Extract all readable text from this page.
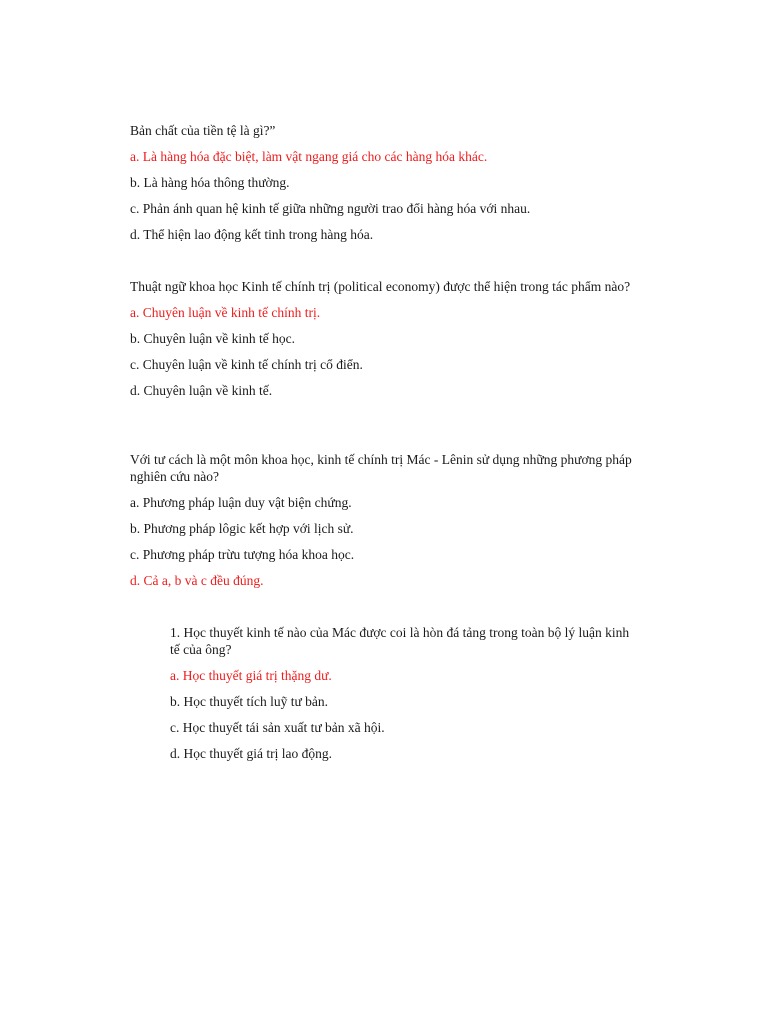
Bản chất của tiền tệ là gì?”

a. Là hàng hóa đặc biệt, làm vật ngang giá cho các hàng hóa khác.

b. Là hàng hóa thông thường.

c. Phản ánh quan hệ kinh tế giữa những người trao đổi hàng hóa với nhau.

d. Thể hiện lao động kết tinh trong hàng hóa.

Thuật ngữ khoa học Kinh tế chính trị (political economy) được thể hiện trong tác phẩm nào?

a. Chuyên luận về kinh tế chính trị.

b. Chuyên luận về kinh tế học.

c. Chuyên luận về kinh tế chính trị cổ điển.

d. Chuyên luận về kinh tế.

Với tư cách là một môn khoa học, kinh tế chính trị Mác - Lênin sử dụng những phương pháp nghiên cứu nào?

a. Phương pháp luận duy vật biện chứng.

b. Phương pháp lôgic kết hợp với lịch sử.

c. Phương pháp trừu tượng hóa khoa học.

d. Cả a, b và c đều đúng.

1. Học thuyết kinh tế nào của Mác được coi là hòn đá tảng trong toàn bộ lý luận kinh tế của ông?

a. Học thuyết giá trị thặng dư.

b. Học thuyết tích luỹ tư bản.

c. Học thuyết tái sản xuất tư bản xã hội.

d. Học thuyết giá trị lao động.
